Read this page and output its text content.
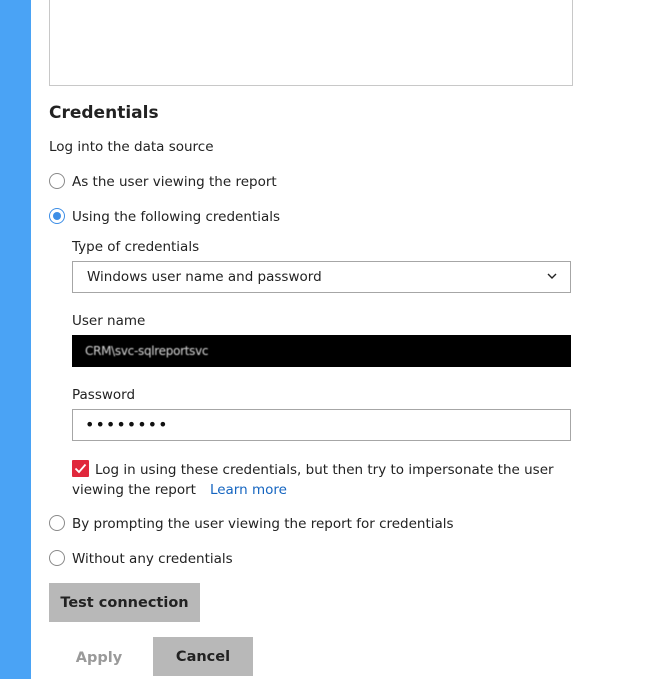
Credentials
Log into the data source
As the user viewing the report
Using the following credentials
Type of credentials
Windows user name and password
User name
CRM\svc-sqlreportsvc
Password
••••••••
Log in using these credentials, but then try to impersonate the user viewing the report Learn more
By prompting the user viewing the report for credentials
Without any credentials
Test connection
Apply	Cancel
